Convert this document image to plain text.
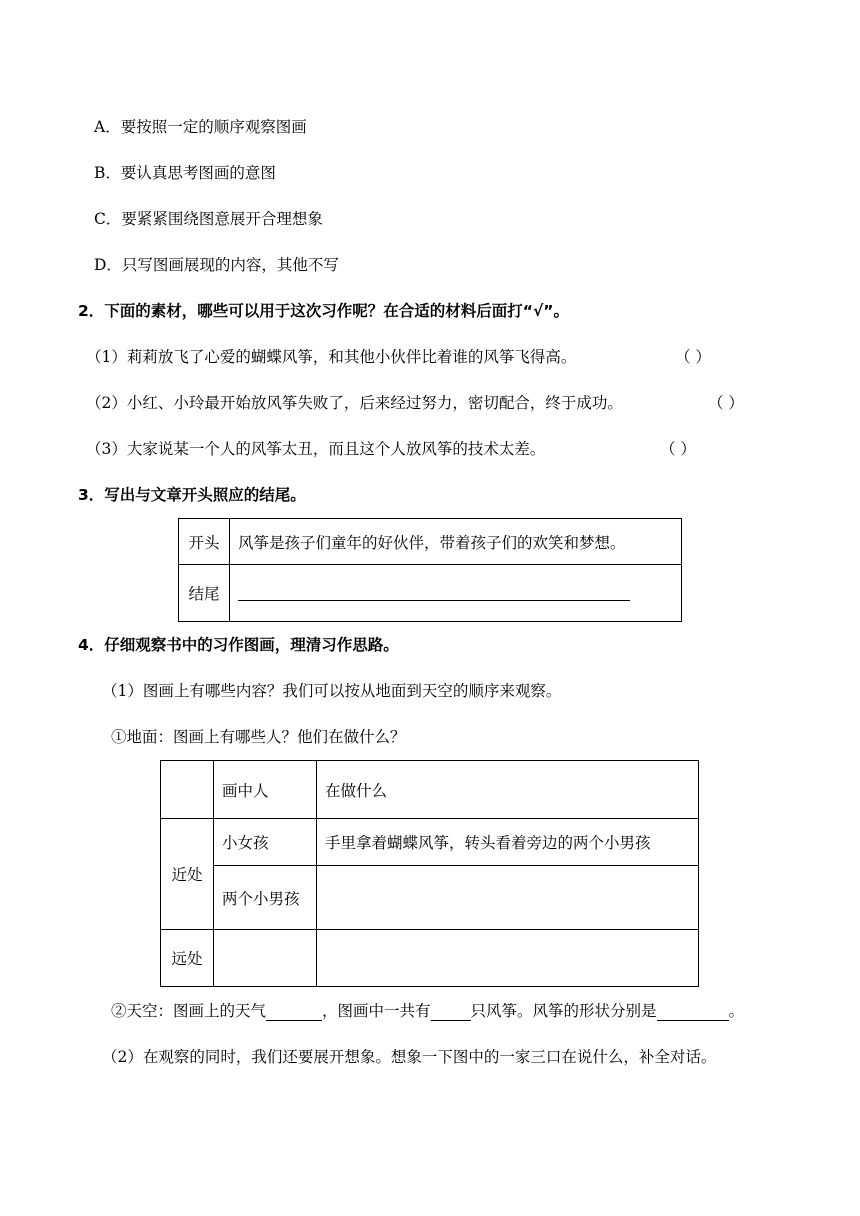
A．要按照一定的顺序观察图画
B．要认真思考图画的意图
C．要紧紧围绕图意展开合理想象
D．只写图画展现的内容，其他不写
2．下面的素材，哪些可以用于这次习作呢？在合适的材料后面打“√”。
（1）莉莉放飞了心爱的蝴蝶风筝，和其他小伙伴比着谁的风筝飞得高。	（ ）
（2）小红、小玲最开始放风筝失败了，后来经过努力，密切配合，终于成功。	（ ）
（3）大家说某一个人的风筝太丑，而且这个人放风筝的技术太差。	（ ）
3．写出与文章开头照应的结尾。
开头	风筝是孩子们童年的好伙伴，带着孩子们的欢笑和梦想。
结尾	
4．仔细观察书中的习作图画，理清习作思路。
（1）图画上有哪些内容？我们可以按从地面到天空的顺序来观察。
①地面：图画上有哪些人？他们在做什么？
	画中人	在做什么
近处	小女孩	手里拿着蝴蝶风筝，转头看着旁边的两个小男孩
	两个小男孩	
远处		
②天空：图画上的天气	，图画中一共有	只风筝。风筝的形状分别是	。
（2）在观察的同时，我们还要展开想象。想象一下图中的一家三口在说什么，补全对话。
